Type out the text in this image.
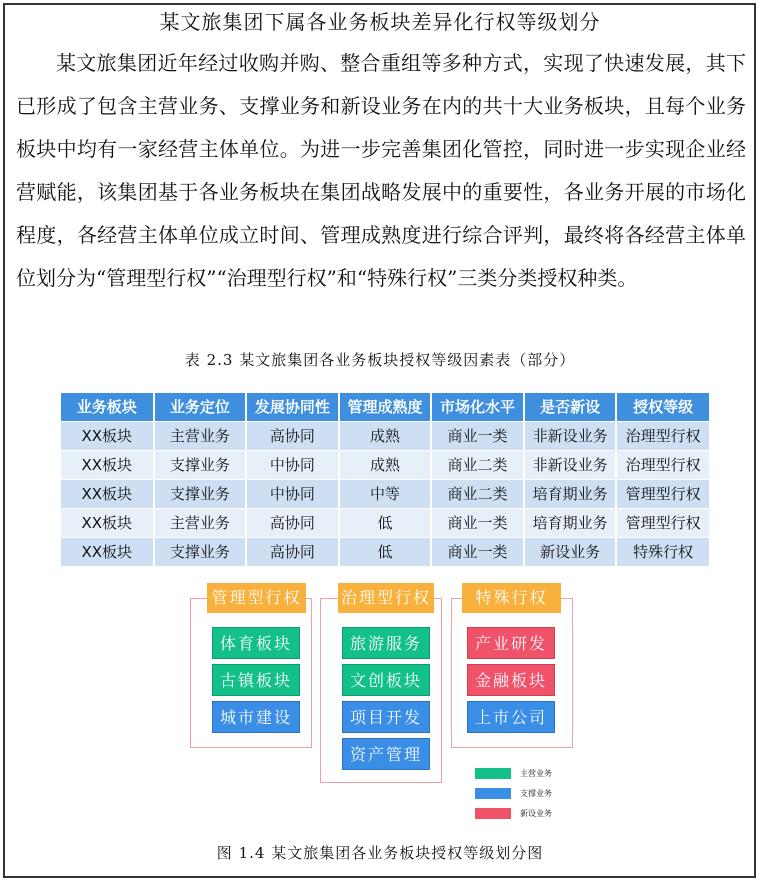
某文旅集团下属各业务板块差异化行权等级划分

某文旅集团近年经过收购并购、整合重组等多种方式，实现了快速发展，其下已形成了包含主营业务、支撑业务和新设业务在内的共十大业务板块，且每个业务板块中均有一家经营主体单位。为进一步完善集团化管控，同时进一步实现企业经营赋能，该集团基于各业务板块在集团战略发展中的重要性，各业务开展的市场化程度，各经营主体单位成立时间、管理成熟度进行综合评判，最终将各经营主体单位划分为“管理型行权”“治理型行权”和“特殊行权”三类分类授权种类。

表 2.3 某文旅集团各业务板块授权等级因素表（部分）
业务板块	业务定位	发展协同性	管理成熟度	市场化水平	是否新设	授权等级
XX板块	主营业务	高协同	成熟	商业一类	非新设业务	治理型行权
XX板块	支撑业务	中协同	成熟	商业二类	非新设业务	治理型行权
XX板块	支撑业务	中协同	中等	商业二类	培育期业务	管理型行权
XX板块	主营业务	高协同	低	商业一类	培育期业务	管理型行权
XX板块	支撑业务	高协同	低	商业一类	新设业务	特殊行权
管理型行权
体育板块
古镇板块
城市建设
治理型行权
旅游服务
文创板块
项目开发
资产管理
特殊行权
产业研发
金融板块
上市公司
主营业务
支撑业务
新设业务
图 1.4 某文旅集团各业务板块授权等级划分图
